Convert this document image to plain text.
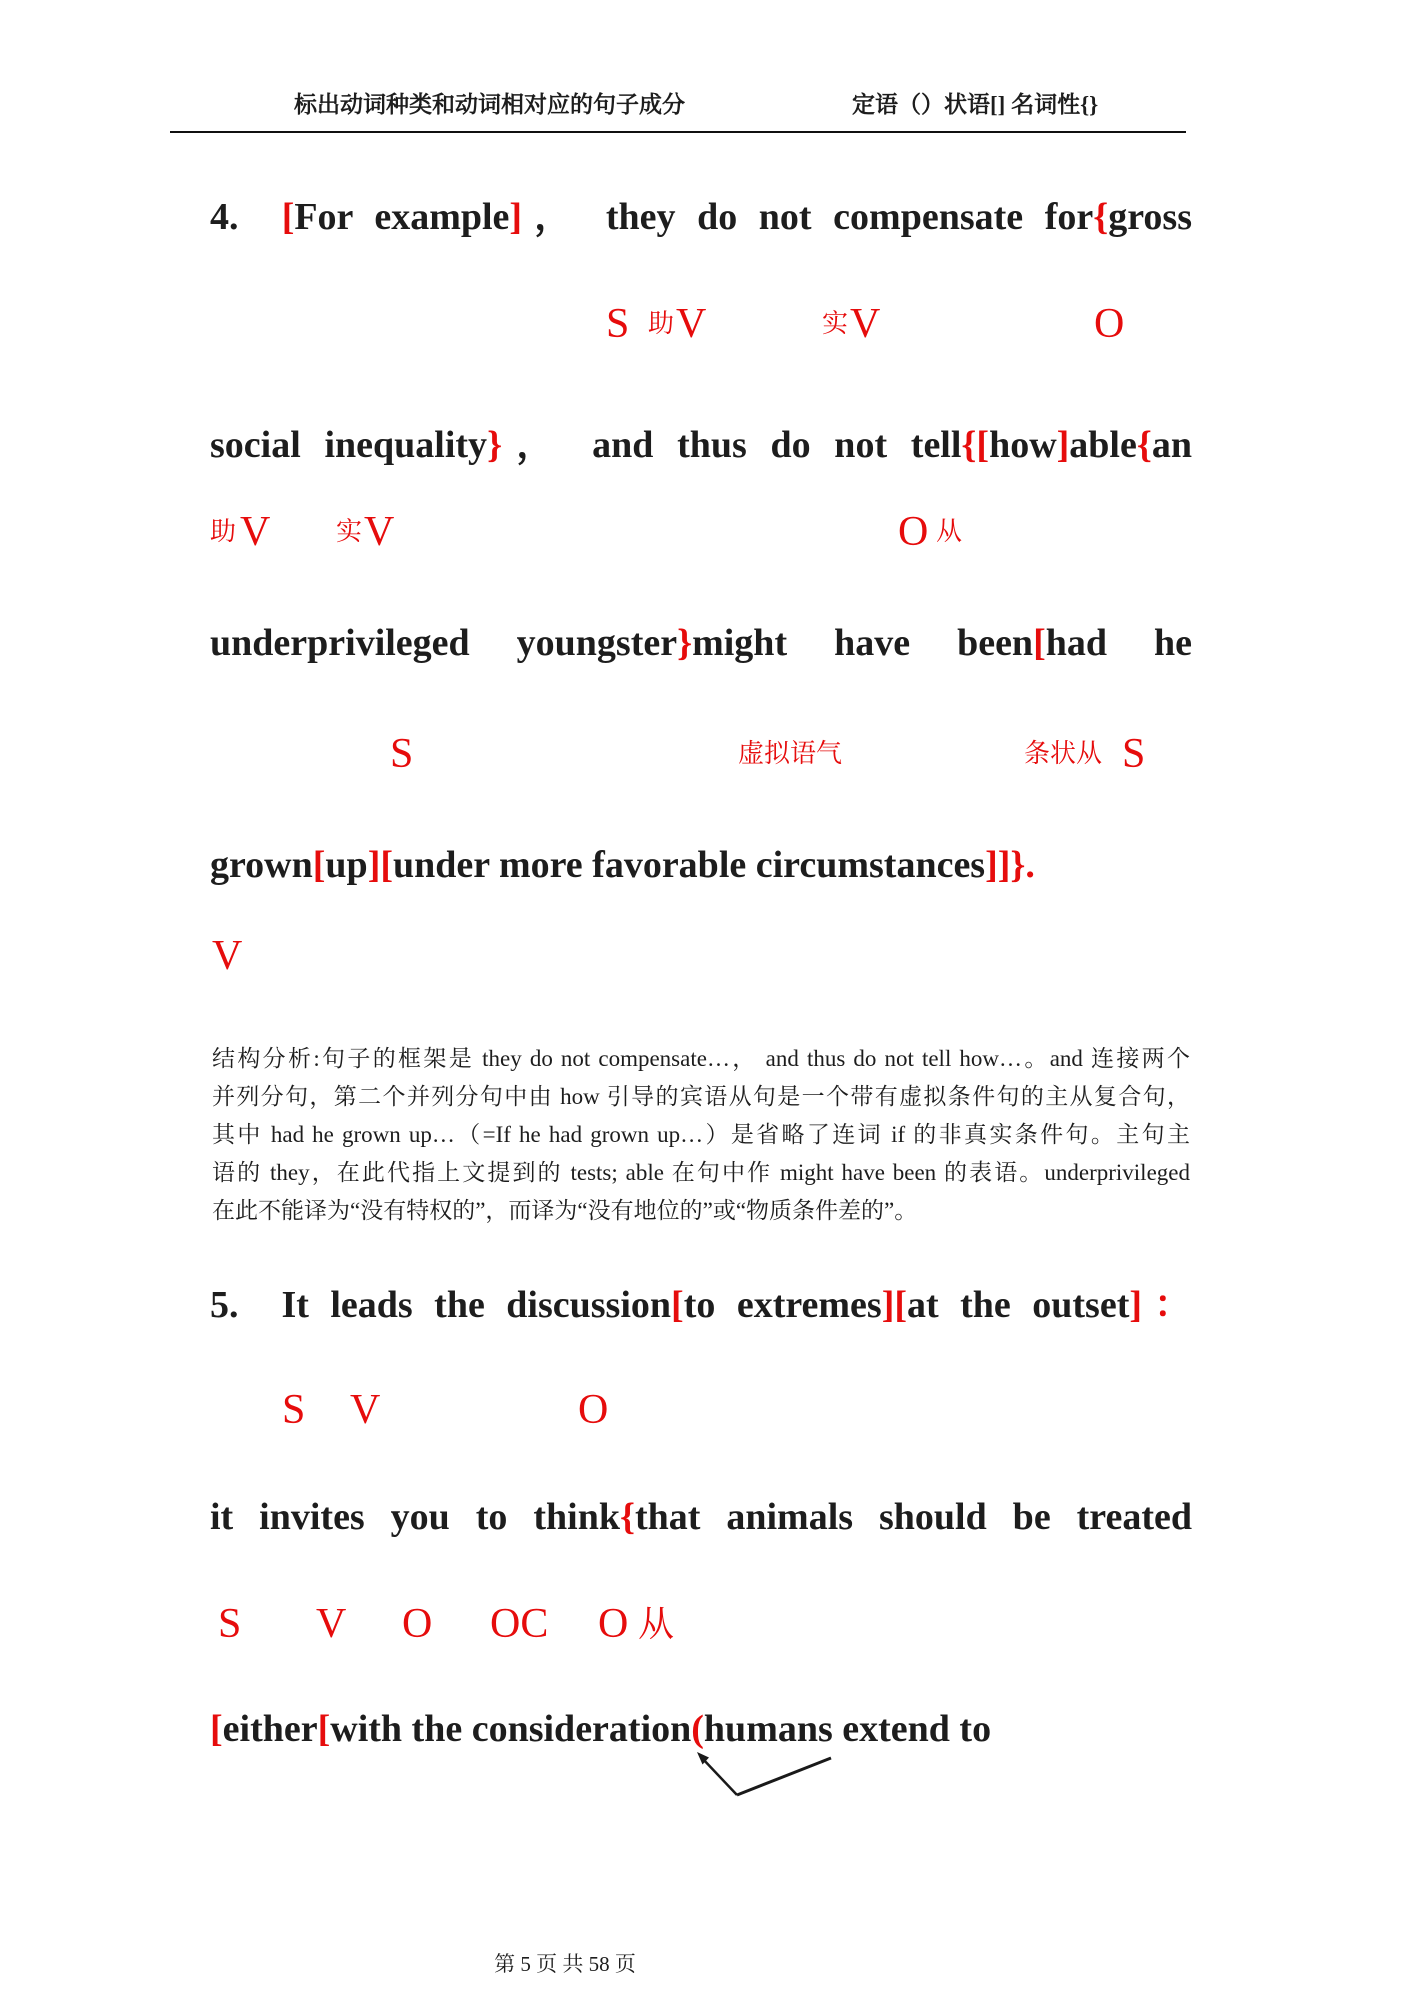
标出动词种类和动词相对应的句子成分	定语（）状语[] 名词性{}
4.  [For example]， they do not compensate for{gross
S 助 V	实 V	O
social inequality}， and thus do not tell{[how]able{an
助 V	实 V	O 从
underprivileged youngster}might have been[had he
S	虚拟语气	条状从 S
grown[up][under more favorable circumstances]]}.
V
5.  It leads the discussion[to extremes][at the outset]：
S V	O
it invites you to think{that animals should be treated
S V O OC O 从
[either[with the consideration(humans extend to
结构分析:句子的框架是 they do not compensate…， and thus do not tell how…。and 连接两个
并列分句，第二个并列分句中由 how 引导的宾语从句是一个带有虚拟条件句的主从复合句，
其中 had he grown up…（=If he had grown up…）是省略了连词 if 的非真实条件句。主句主
语的 they，在此代指上文提到的 tests; able 在句中作 might have been 的表语。underprivileged
在此不能译为“没有特权的”，而译为“没有地位的”或“物质条件差的”。
第 5 页 共 58 页
